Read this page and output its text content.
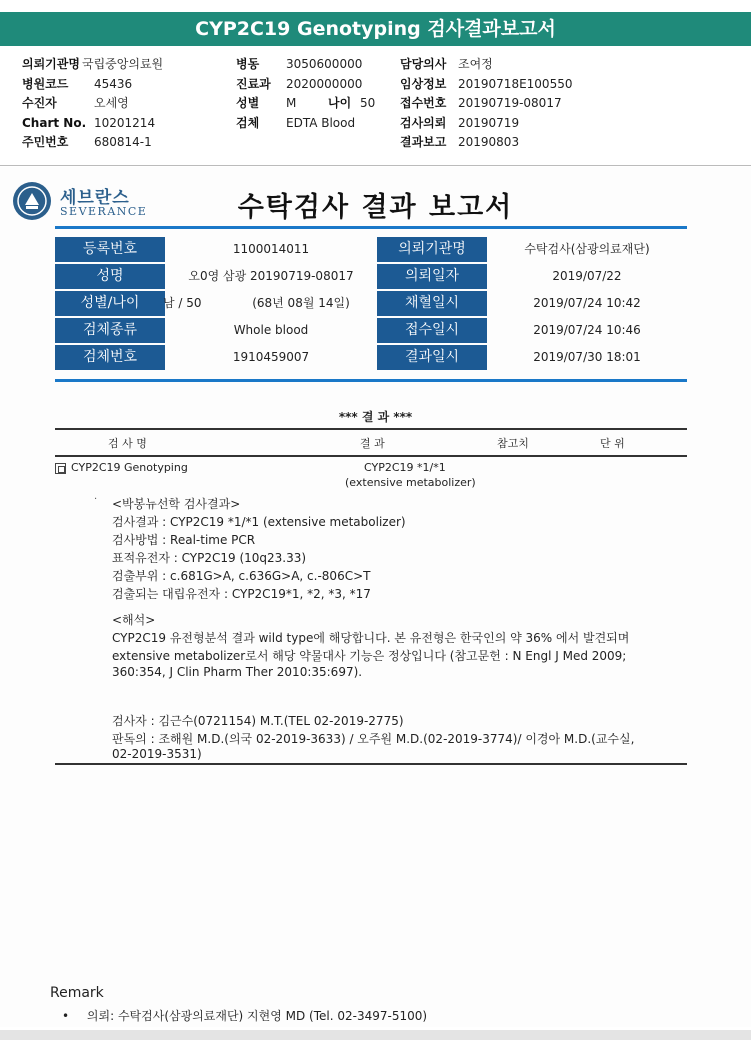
CYP2C19 Genotyping 검사결과보고서
의뢰기관명 국립중앙의료원	병동 3050600000	담당의사 조여정
병원코드 45436	진료과 2020000000	임상정보 20190718E100550
수진자	오세영	성별 M	나이 50 접수번호 20190719-08017
Chart No. 10201214	검체 EDTA Blood	검사의뢰 20190719
주민번호 680814-1	결과보고 20190803
세브란스
SEVERANCE	수탁검사 결과 보고서
등록번호	1100014011	의뢰기관명	수탁검사(삼광의료재단)
성명	오0영 삼광 20190719-08017	의뢰일자	2019/07/22
성별/나이	남 / 50	(68년 08월 14일)	채혈일시	2019/07/24 10:42
검체종류	Whole blood	접수일시	2019/07/24 10:46
검체번호	1910459007	결과일시	2019/07/30 18:01
*** 결 과 ***
검 사 명	결 과	참고치	단 위
CYP2C19 Genotyping	CYP2C19 *1/*1
(extensive metabolizer)
· <박봉뉴선학 검사결과>
검사결과 : CYP2C19 *1/*1 (extensive metabolizer)
검사방법 : Real-time PCR
표적유전자 : CYP2C19 (10q23.33)
검출부위 : c.681G>A, c.636G>A, c.-806C>T
검출되는 대립유전자 : CYP2C19*1, *2, *3, *17
<해석>
CYP2C19 유전형분석 결과 wild type에 해당합니다. 본 유전형은 한국인의 약 36% 에서 발견되며
extensive metabolizer로서 해당 약물대사 기능은 정상입니다 (참고문헌 : N Engl J Med 2009;
360:354, J Clin Pharm Ther 2010:35:697).
검사자 : 김근수(0721154) M.T.(TEL 02-2019-2775)
판독의 : 조해원 M.D.(의국 02-2019-3633) / 오주원 M.D.(02-2019-3774)/ 이경아 M.D.(교수실,
02-2019-3531)
Remark
• 의뢰: 수탁검사(삼광의료재단) 지현영 MD (Tel. 02-3497-5100)
